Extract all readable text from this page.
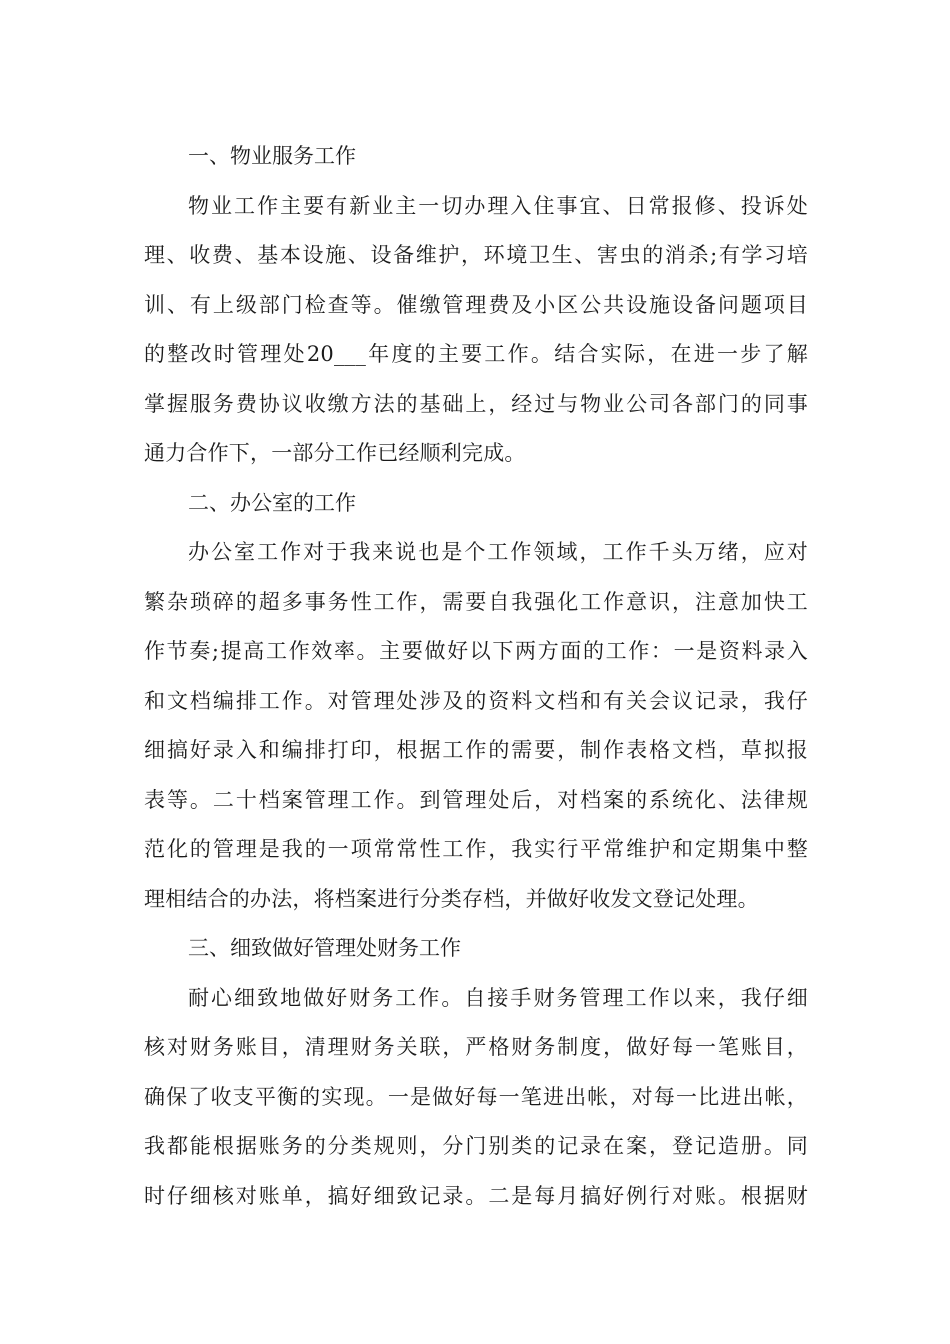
一、物业服务工作

物业工作主要有新业主一切办理入住事宜、日常报修、投诉处

理、收费、基本设施、设备维护，环境卫生、害虫的消杀;有学习培

训、有上级部门检查等。催缴管理费及小区公共设施设备问题项目

的整改时管理处20___年度的主要工作。结合实际，在进一步了解

掌握服务费协议收缴方法的基础上，经过与物业公司各部门的同事

通力合作下，一部分工作已经顺利完成。

二、办公室的工作

办公室工作对于我来说也是个工作领域，工作千头万绪，应对

繁杂琐碎的超多事务性工作，需要自我强化工作意识，注意加快工

作节奏;提高工作效率。主要做好以下两方面的工作：一是资料录入

和文档编排工作。对管理处涉及的资料文档和有关会议记录，我仔

细搞好录入和编排打印，根据工作的需要，制作表格文档，草拟报

表等。二十档案管理工作。到管理处后，对档案的系统化、法律规

范化的管理是我的一项常常性工作，我实行平常维护和定期集中整

理相结合的办法，将档案进行分类存档，并做好收发文登记处理。

三、细致做好管理处财务工作

耐心细致地做好财务工作。自接手财务管理工作以来，我仔细

核对财务账目，清理财务关联，严格财务制度，做好每一笔账目，

确保了收支平衡的实现。一是做好每一笔进出帐，对每一比进出帐，

我都能根据账务的分类规则，分门别类的记录在案，登记造册。同

时仔细核对账单，搞好细致记录。二是每月搞好例行对账。根据财
